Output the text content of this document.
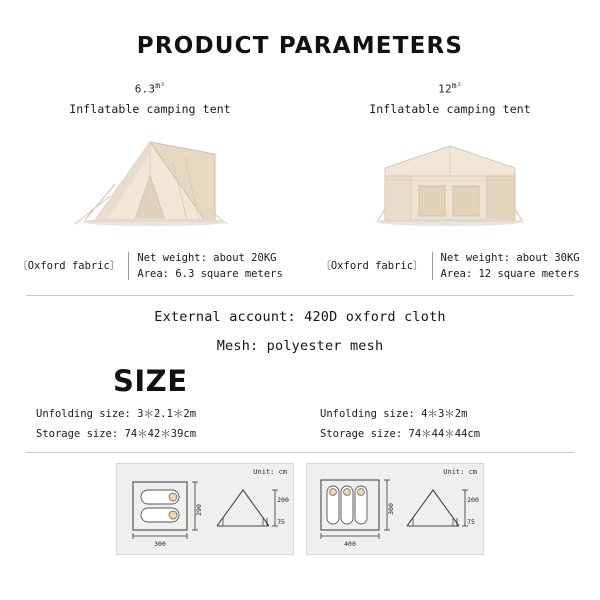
PRODUCT PARAMETERS
$6.3^{m^2}$
Inflatable camping tent
$12^{m^2}$
Inflatable camping tent
〔Oxford fabric〕
Net weight: about 20KG
Area: 6.3 square meters
〔Oxford fabric〕
Net weight: about 30KG
Area: 12 square meters
External account: 420D oxford cloth
Mesh: polyester mesh
SIZE
Unfolding size: 3＊2.1＊2m
Storage size: 74＊42＊39cm
Unfolding size: 4＊3＊2m
Storage size: 74＊44＊44cm
Unit: cm
290
300
200
75
Unit: cm
300
400
200
75
